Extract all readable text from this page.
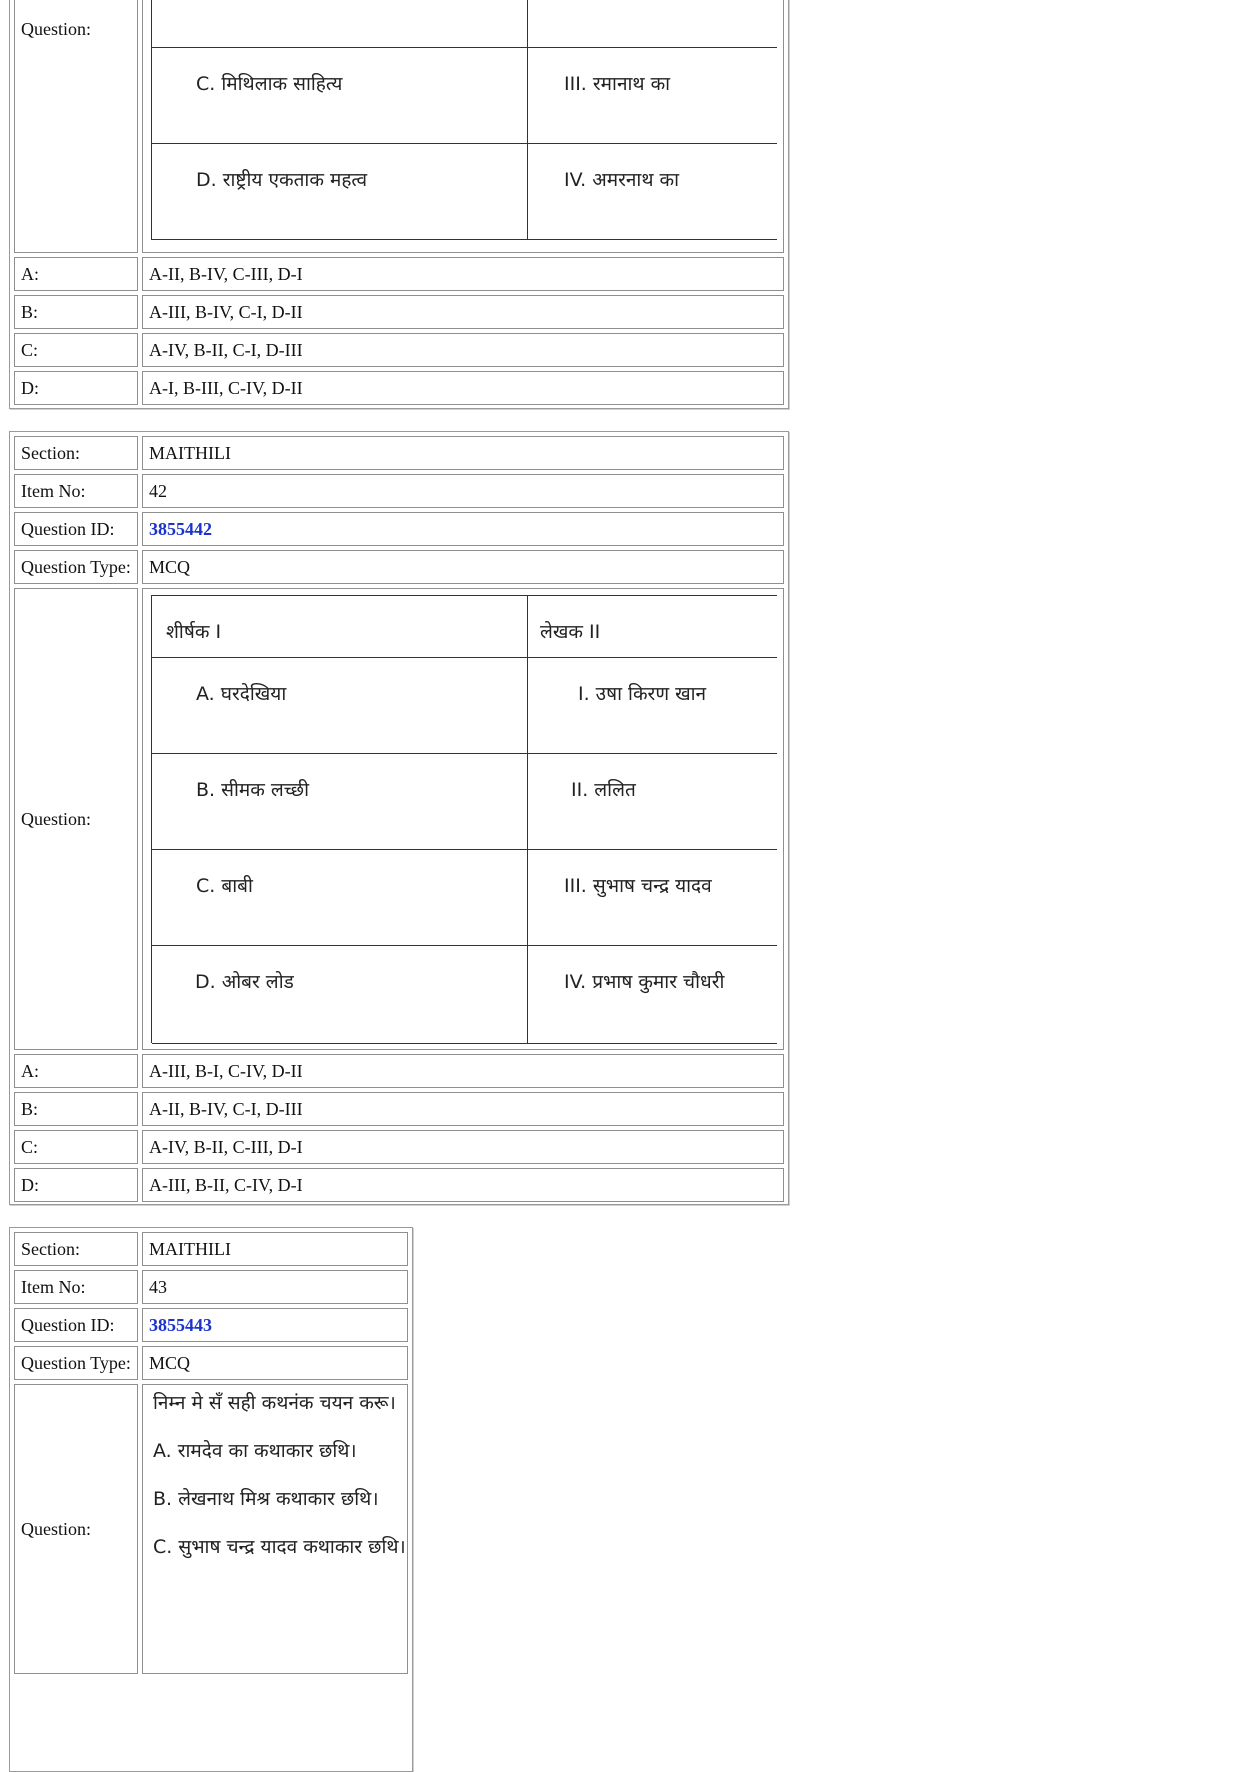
Question:
C. मिथिलाक साहित्य	III. रमानाथ का
D. राष्ट्रीय एकताक महत्व	IV. अमरनाथ का
A:	A-II, B-IV, C-III, D-I
B:	A-III, B-IV, C-I, D-II
C:	A-IV, B-II, C-I, D-III
D:	A-I, B-III, C-IV, D-II
Section:	MAITHILI
Item No:	42
Question ID:	3855442
Question Type:	MCQ
Question:
शीर्षक I	लेखक II
A. घरदेखिया	I. उषा किरण खान
B. सीमक लच्छी	II. ललित
C. बाबी	III. सुभाष चन्द्र यादव
D. ओबर लोड	IV. प्रभाष कुमार चौधरी
A:	A-III, B-I, C-IV, D-II
B:	A-II, B-IV, C-I, D-III
C:	A-IV, B-II, C-III, D-I
D:	A-III, B-II, C-IV, D-I
Section:	MAITHILI
Item No:	43
Question ID:	3855443
Question Type:	MCQ
Question:
निम्न मे सँ सही कथनंक चयन करू।
A. रामदेव का कथाकार छथि।
B. लेखनाथ मिश्र कथाकार छथि।
C. सुभाष चन्द्र यादव कथाकार छथि।
